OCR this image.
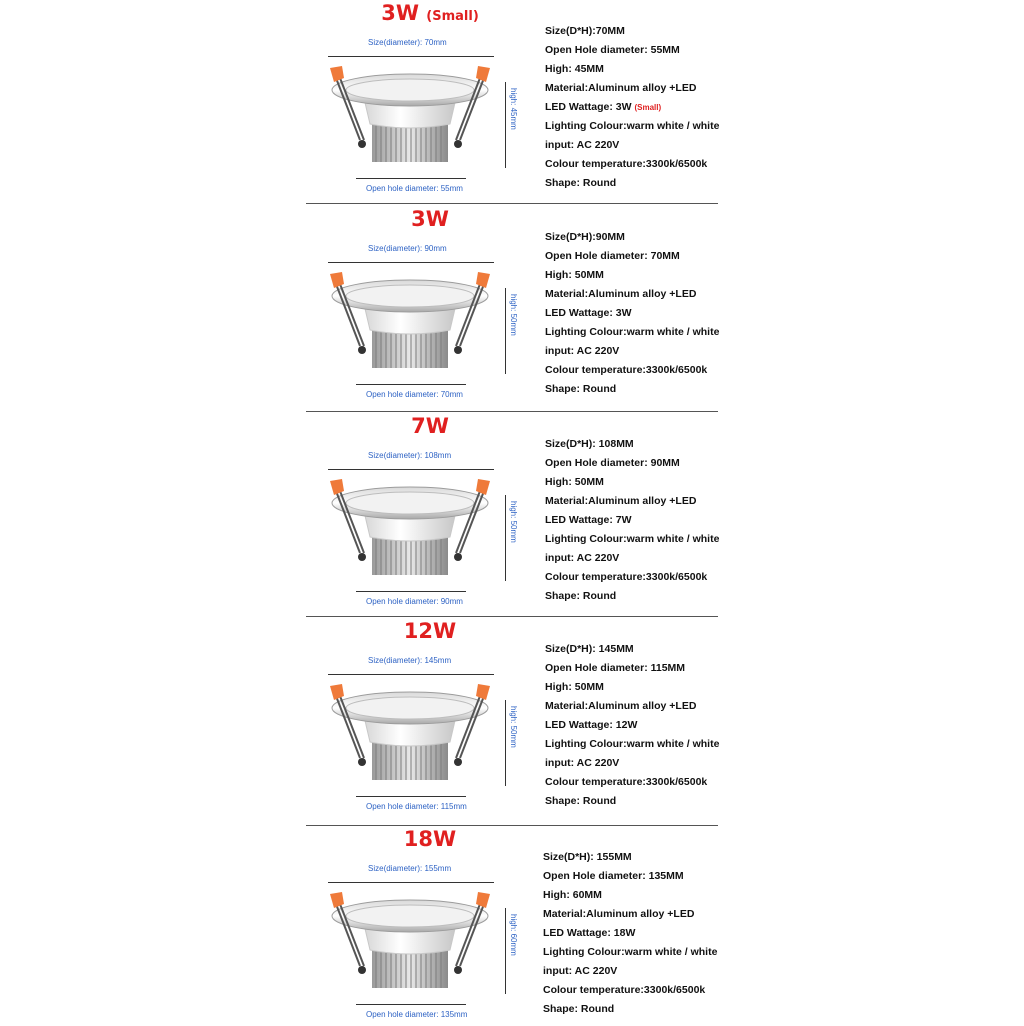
3W (Small)
Size(diameter): 70mm
high: 45mm
Open hole diameter: 55mm
Size(D*H):70MM
Open Hole diameter: 55MM
High: 45MM
Material:Aluminum alloy +LED
LED Wattage: 3W (Small)
Lighting Colour:warm white / white
input: AC 220V
Colour temperature:3300k/6500k
Shape: Round
3W
Size(diameter): 90mm
high: 50mm
Open hole diameter: 70mm
Size(D*H):90MM
Open Hole diameter: 70MM
High: 50MM
Material:Aluminum alloy +LED
LED Wattage: 3W
Lighting Colour:warm white / white
input: AC 220V
Colour temperature:3300k/6500k
Shape: Round
7W
Size(diameter): 108mm
high: 50mm
Open hole diameter: 90mm
Size(D*H): 108MM
Open Hole diameter: 90MM
High: 50MM
Material:Aluminum alloy +LED
LED Wattage: 7W
Lighting Colour:warm white / white
input: AC 220V
Colour temperature:3300k/6500k
Shape: Round
12W
Size(diameter): 145mm
high: 50mm
Open hole diameter: 115mm
Size(D*H): 145MM
Open Hole diameter: 115MM
High: 50MM
Material:Aluminum alloy +LED
LED Wattage: 12W
Lighting Colour:warm white / white
input: AC 220V
Colour temperature:3300k/6500k
Shape: Round
18W
Size(diameter): 155mm
high: 60mm
Open hole diameter: 135mm
Size(D*H): 155MM
Open Hole diameter: 135MM
High: 60MM
Material:Aluminum alloy +LED
LED Wattage: 18W
Lighting Colour:warm white / white
input: AC 220V
Colour temperature:3300k/6500k
Shape: Round
